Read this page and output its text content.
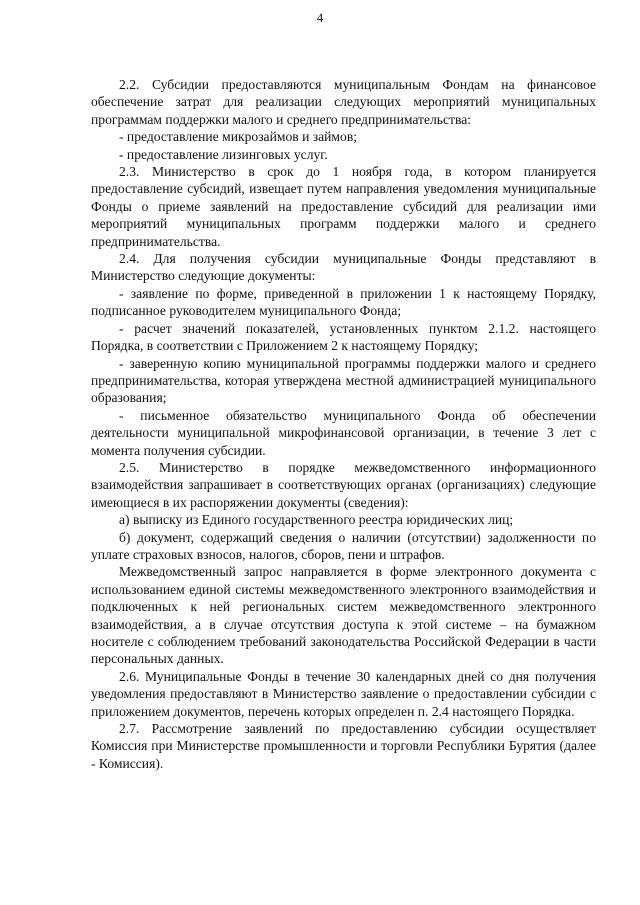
4

2.2. Субсидии предоставляются муниципальным Фондам на финансовое обеспечение затрат для реализации следующих мероприятий муниципальных программам поддержки малого и среднего предпринимательства:

- предоставление микрозаймов и займов;

- предоставление лизинговых услуг.

2.3. Министерство в срок до 1 ноября года, в котором планируется предоставление субсидий, извещает путем направления уведомления муниципальные Фонды о приеме заявлений на предоставление субсидий для реализации ими мероприятий муниципальных программ поддержки малого и среднего предпринимательства.

2.4. Для получения субсидии муниципальные Фонды представляют в Министерство следующие документы:

- заявление по форме, приведенной в приложении 1 к настоящему Порядку, подписанное руководителем муниципального Фонда;

- расчет значений показателей, установленных пунктом 2.1.2. настоящего Порядка, в соответствии с Приложением 2 к настоящему Порядку;

- заверенную копию муниципальной программы поддержки малого и среднего предпринимательства, которая утверждена местной администрацией муниципального образования;

- письменное обязательство муниципального Фонда об обеспечении деятельности муниципальной микрофинансовой организации, в течение 3 лет с момента получения субсидии.

2.5. Министерство в порядке межведомственного информационного взаимодействия запрашивает в соответствующих органах (организациях) следующие имеющиеся в их распоряжении документы (сведения):

а) выписку из Единого государственного реестра юридических лиц;

б) документ, содержащий сведения о наличии (отсутствии) задолженности по уплате страховых взносов, налогов, сборов, пени и штрафов.

Межведомственный запрос направляется в форме электронного документа с использованием единой системы межведомственного электронного взаимодействия и подключенных к ней региональных систем межведомственного электронного взаимодействия, а в случае отсутствия доступа к этой системе – на бумажном носителе с соблюдением требований законодательства Российской Федерации в части персональных данных.

2.6. Муниципальные Фонды в течение 30 календарных дней со дня получения уведомления предоставляют в Министерство заявление о предоставлении субсидии с приложением документов, перечень которых определен п. 2.4 настоящего Порядка.

2.7. Рассмотрение заявлений по предоставлению субсидии осуществляет Комиссия при Министерстве промышленности и торговли Республики Бурятия (далее - Комиссия).
